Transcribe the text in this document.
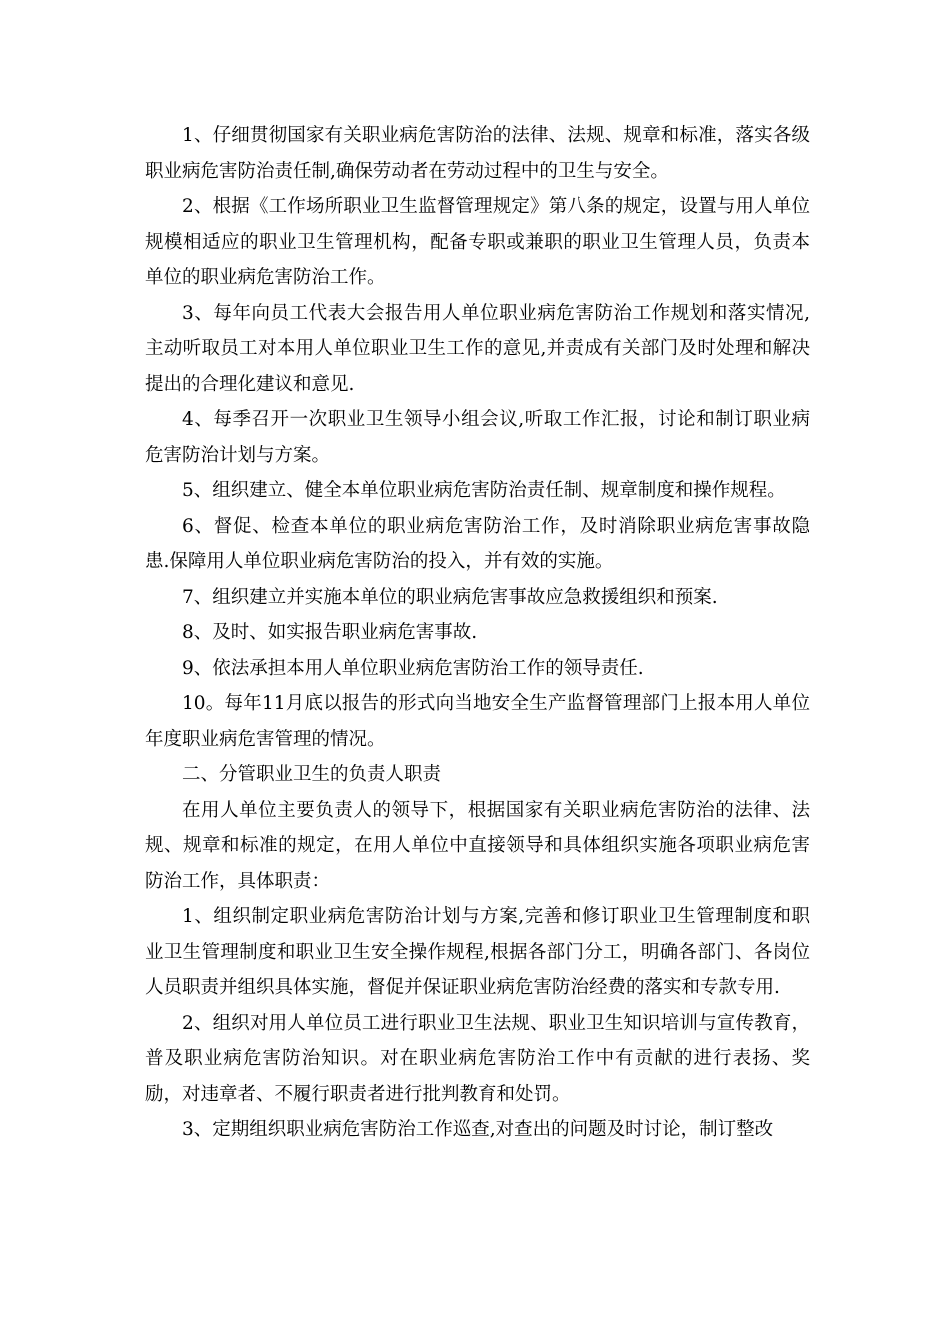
1、仔细贯彻国家有关职业病危害防治的法律、法规、规章和标准，落实各级职业病危害防治责任制,确保劳动者在劳动过程中的卫生与安全。

2、根据《工作场所职业卫生监督管理规定》第八条的规定，设置与用人单位规模相适应的职业卫生管理机构，配备专职或兼职的职业卫生管理人员，负责本单位的职业病危害防治工作。

3、每年向员工代表大会报告用人单位职业病危害防治工作规划和落实情况,主动听取员工对本用人单位职业卫生工作的意见,并责成有关部门及时处理和解决提出的合理化建议和意见.

4、每季召开一次职业卫生领导小组会议,听取工作汇报，讨论和制订职业病危害防治计划与方案。

5、组织建立、健全本单位职业病危害防治责任制、规章制度和操作规程。

6、督促、检查本单位的职业病危害防治工作，及时消除职业病危害事故隐患.保障用人单位职业病危害防治的投入，并有效的实施。

7、组织建立并实施本单位的职业病危害事故应急救援组织和预案.

8、及时、如实报告职业病危害事故.

9、依法承担本用人单位职业病危害防治工作的领导责任.

10。每年11月底以报告的形式向当地安全生产监督管理部门上报本用人单位年度职业病危害管理的情况。

二、分管职业卫生的负责人职责

在用人单位主要负责人的领导下，根据国家有关职业病危害防治的法律、法规、规章和标准的规定，在用人单位中直接领导和具体组织实施各项职业病危害防治工作，具体职责：

1、组织制定职业病危害防治计划与方案,完善和修订职业卫生管理制度和职业卫生管理制度和职业卫生安全操作规程,根据各部门分工，明确各部门、各岗位人员职责并组织具体实施，督促并保证职业病危害防治经费的落实和专款专用.

2、组织对用人单位员工进行职业卫生法规、职业卫生知识培训与宣传教育，普及职业病危害防治知识。对在职业病危害防治工作中有贡献的进行表扬、奖励，对违章者、不履行职责者进行批判教育和处罚。

3、定期组织职业病危害防治工作巡查,对查出的问题及时讨论，制订整改
